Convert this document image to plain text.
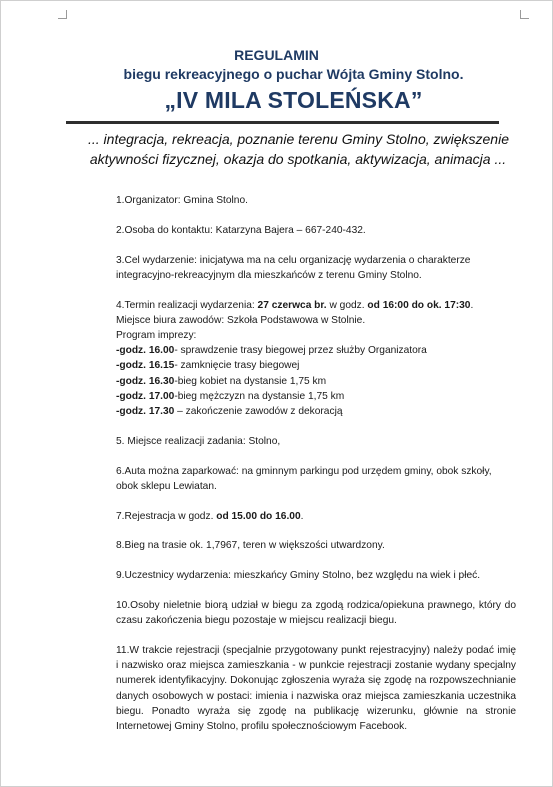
REGULAMIN
biegu rekreacyjnego o puchar Wójta Gminy Stolno.
„IV MILA STOLEŃSKA”
... integracja, rekreacja, poznanie terenu Gminy Stolno, zwiększenie
aktywności fizycznej, okazja do spotkania, aktywizacja, animacja ...

1.Organizator: Gmina Stolno.

2.Osoba do kontaktu: Katarzyna Bajera – 667-240-432.

3.Cel wydarzenie: inicjatywa ma na celu organizację wydarzenia o charakterze integracyjno-rekreacyjnym dla mieszkańców z terenu Gminy Stolno.

4.Termin realizacji wydarzenia: 27 czerwca br. w godz. od 16:00 do ok. 17:30.
Miejsce biura zawodów: Szkoła Podstawowa w Stolnie.
Program imprezy:
-godz. 16.00- sprawdzenie trasy biegowej przez służby Organizatora
-godz. 16.15- zamknięcie trasy biegowej
-godz. 16.30-bieg kobiet na dystansie 1,75 km
-godz. 17.00-bieg mężczyzn na dystansie 1,75 km
-godz. 17.30 – zakończenie zawodów z dekoracją

5. Miejsce realizacji zadania: Stolno,

6.Auta można zaparkować: na gminnym parkingu pod urzędem gminy, obok szkoły,
obok sklepu Lewiatan.

7.Rejestracja w godz. od 15.00 do 16.00.

8.Bieg na trasie ok. 1,7967, teren w większości utwardzony.

9.Uczestnicy wydarzenia: mieszkańcy Gminy Stolno, bez względu na wiek i płeć.

10.Osoby nieletnie biorą udział w biegu za zgodą rodzica/opiekuna prawnego, który do czasu zakończenia biegu pozostaje w miejscu realizacji biegu.

11.W trakcie rejestracji (specjalnie przygotowany punkt rejestracyjny) należy podać imię i nazwisko oraz miejsca zamieszkania - w punkcie rejestracji zostanie wydany specjalny numerek identyfikacyjny. Dokonując zgłoszenia wyraża się zgodę na rozpowszechnianie danych osobowych w postaci: imienia i nazwiska oraz miejsca zamieszkania uczestnika biegu. Ponadto wyraża się zgodę na publikację wizerunku, głównie na stronie Internetowej Gminy Stolno, profilu społecznościowym Facebook.
